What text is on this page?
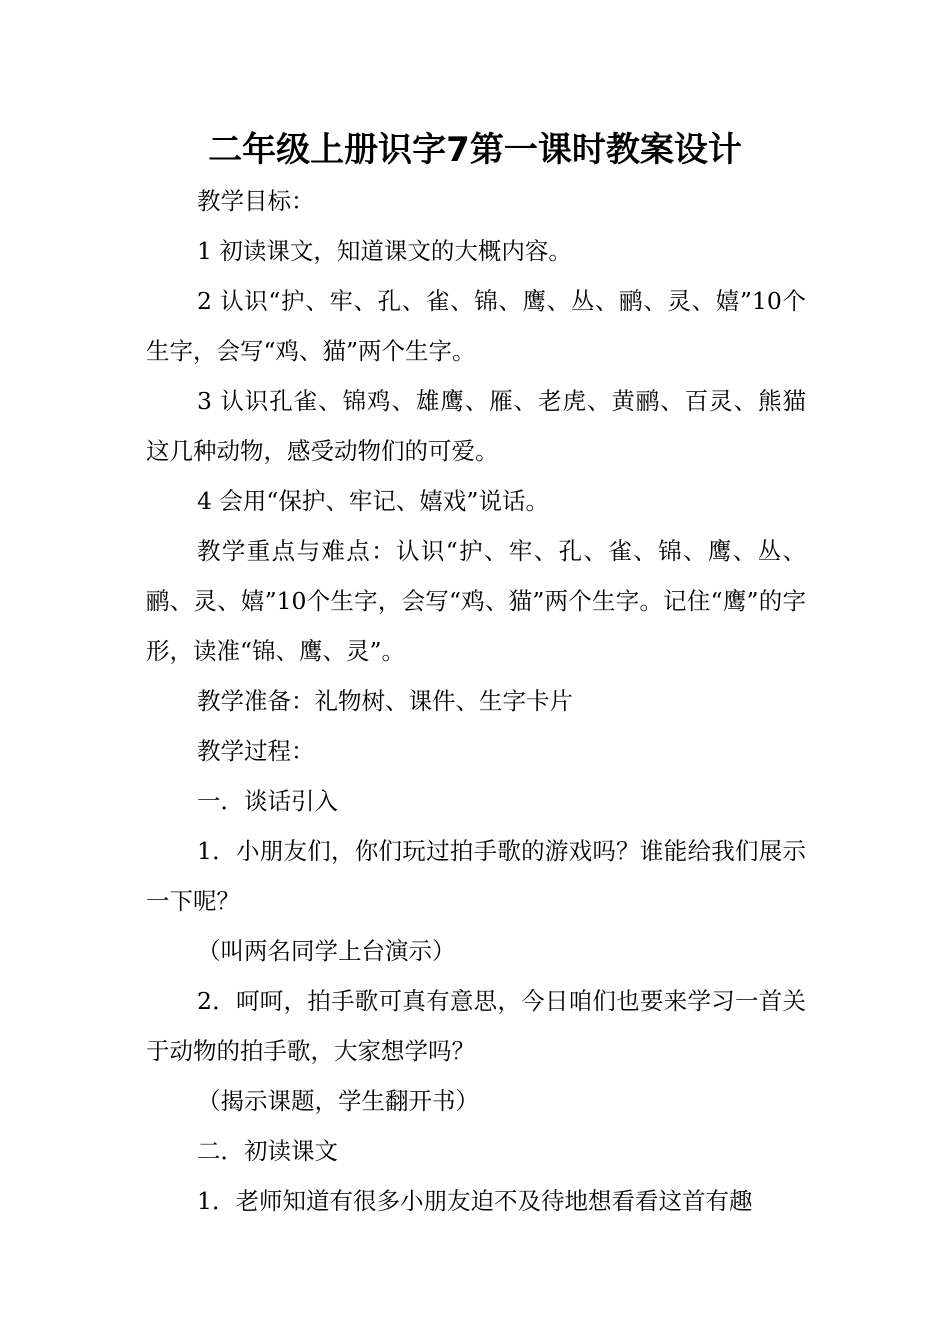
二年级上册识字7第一课时教案设计

教学目标：

1 初读课文，知道课文的大概内容。

2 认识“护、牢、孔、雀、锦、鹰、丛、鹂、灵、嬉”10个生字，会写“鸡、猫”两个生字。

3 认识孔雀、锦鸡、雄鹰、雁、老虎、黄鹂、百灵、熊猫这几种动物，感受动物们的可爱。

4 会用“保护、牢记、嬉戏”说话。

教学重点与难点：认识“护、牢、孔、雀、锦、鹰、丛、鹂、灵、嬉”10个生字，会写“鸡、猫”两个生字。记住“鹰”的字形，读准“锦、鹰、灵”。

教学准备：礼物树、课件、生字卡片

教学过程：

一．谈话引入

1．小朋友们，你们玩过拍手歌的游戏吗？谁能给我们展示一下呢？

（叫两名同学上台演示）

2．呵呵，拍手歌可真有意思，今日咱们也要来学习一首关于动物的拍手歌，大家想学吗？

（揭示课题，学生翻开书）

二．初读课文

1．老师知道有很多小朋友迫不及待地想看看这首有趣
